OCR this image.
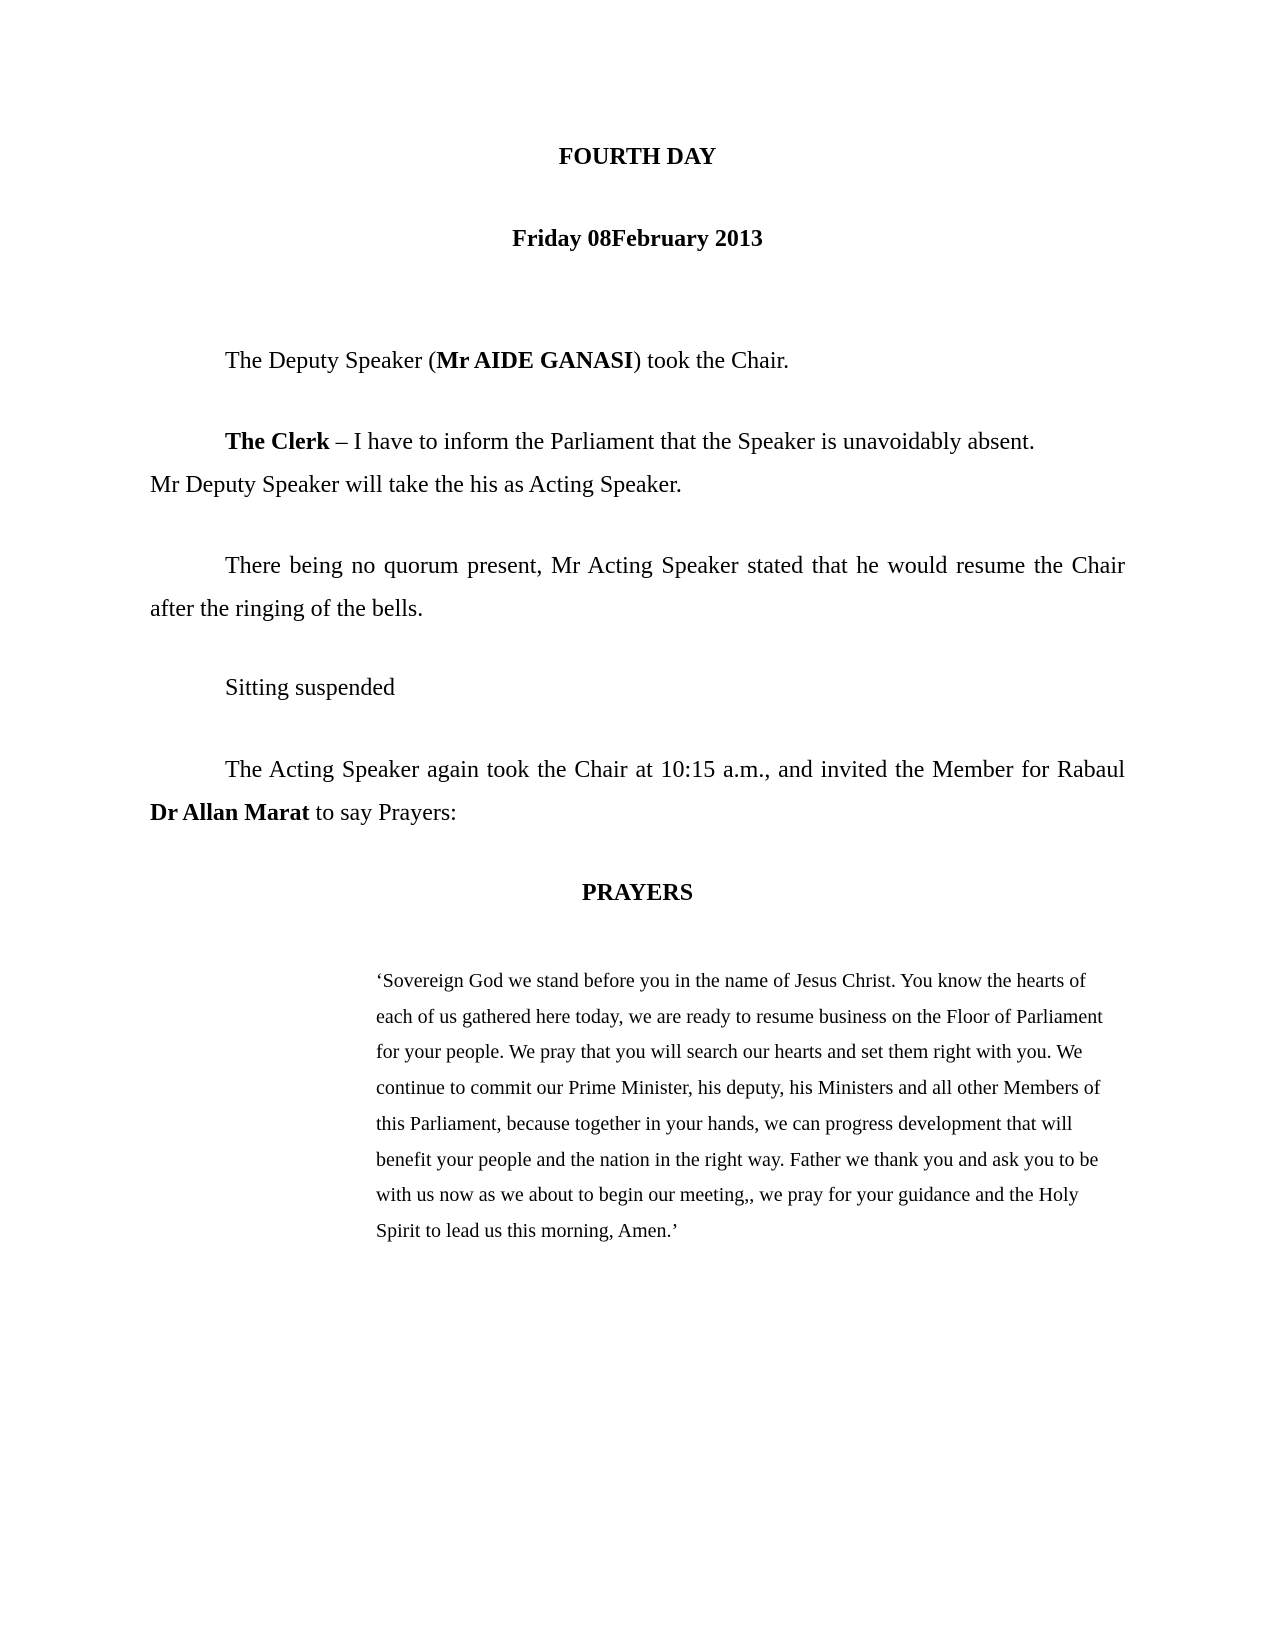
FOURTH DAY
Friday 08February 2013

The Deputy Speaker (Mr AIDE GANASI) took the Chair.

The Clerk – I have to inform the Parliament that the Speaker is unavoidably absent.
Mr Deputy Speaker will take the his as Acting Speaker.

There being no quorum present, Mr Acting Speaker stated that he would resume the Chair after the ringing of the bells.

Sitting suspended

The Acting Speaker again took the Chair at 10:15 a.m., and invited the Member for Rabaul Dr Allan Marat to say Prayers:

PRAYERS

‘Sovereign God we stand before you in the name of Jesus Christ. You know the hearts of each of us gathered here today, we are ready to resume business on the Floor of Parliament for your people. We pray that you will search our hearts and set them right with you. We continue to commit our Prime Minister, his deputy, his Ministers and all other Members of this Parliament, because together in your hands, we can progress development that will benefit your people and the nation in the right way. Father we thank you and ask you to be with us now as we about to begin our meeting,, we pray for your guidance and the Holy Spirit to lead us this morning, Amen.’
